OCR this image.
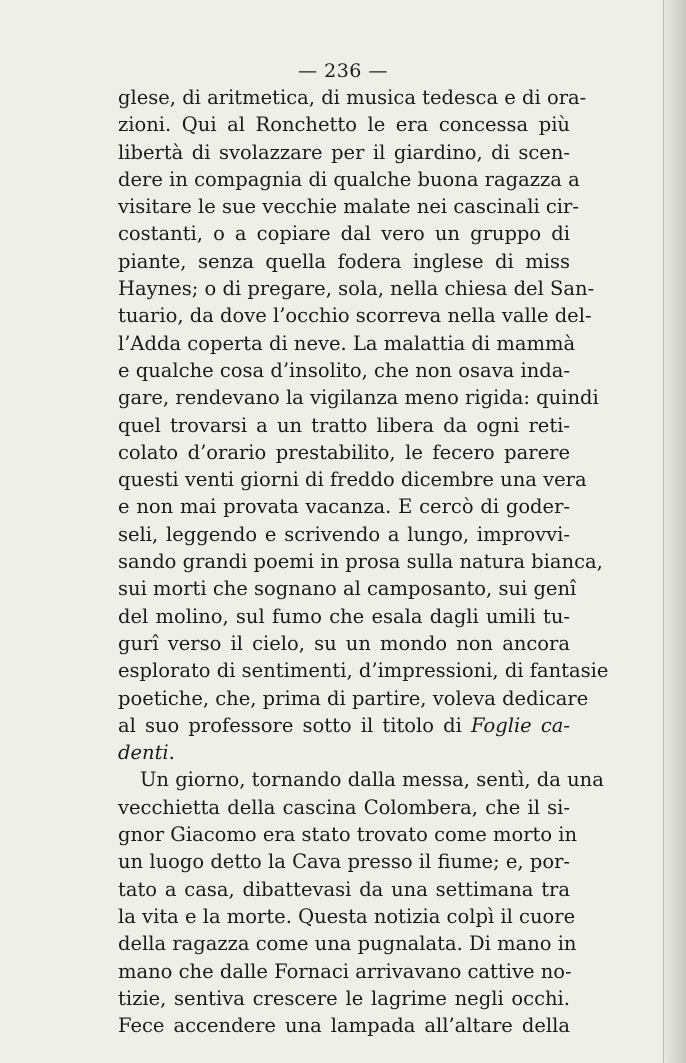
— 236 —
glese, di aritmetica, di musica tedesca e di ora-
zioni. Qui al Ronchetto le era concessa più
libertà di svolazzare per il giardino, di scen-
dere in compagnia di qualche buona ragazza a
visitare le sue vecchie malate nei cascinali cir-
costanti, o a copiare dal vero un gruppo di
piante, senza quella fodera inglese di miss
Haynes; o di pregare, sola, nella chiesa del San-
tuario, da dove l’occhio scorreva nella valle del-
l’Adda coperta di neve. La malattia di mammà
e qualche cosa d’insolito, che non osava inda-
gare, rendevano la vigilanza meno rigida: quindi
quel trovarsi a un tratto libera da ogni reti-
colato d’orario prestabilito, le fecero parere
questi venti giorni di freddo dicembre una vera
e non mai provata vacanza. E cercò di goder-
seli, leggendo e scrivendo a lungo, improvvi-
sando grandi poemi in prosa sulla natura bianca,
sui morti che sognano al camposanto, sui genî
del molino, sul fumo che esala dagli umili tu-
gurî verso il cielo, su un mondo non ancora
esplorato di sentimenti, d’impressioni, di fantasie
poetiche, che, prima di partire, voleva dedicare
al suo professore sotto il titolo di Foglie ca-
denti.
Un giorno, tornando dalla messa, sentì, da una
vecchietta della cascina Colombera, che il si-
gnor Giacomo era stato trovato come morto in
un luogo detto la Cava presso il fiume; e, por-
tato a casa, dibattevasi da una settimana tra
la vita e la morte. Questa notizia colpì il cuore
della ragazza come una pugnalata. Di mano in
mano che dalle Fornaci arrivavano cattive no-
tizie, sentiva crescere le lagrime negli occhi.
Fece accendere una lampada all’altare della
